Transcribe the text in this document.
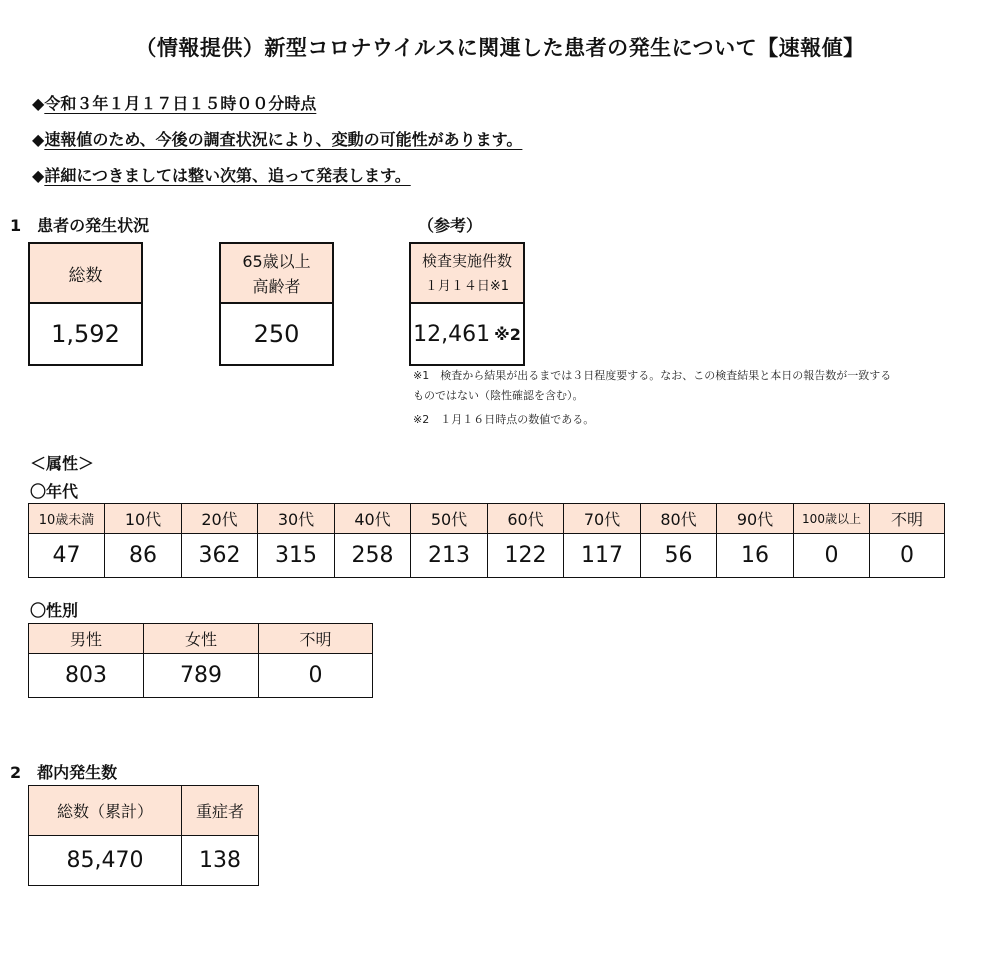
（情報提供）新型コロナウイルスに関連した患者の発生について【速報値】
◆令和３年１月１７日１５時００分時点
◆速報値のため、今後の調査状況により、変動の可能性があります。
◆詳細につきましては整い次第、追って発表します。
1　患者の発生状況	（参考）
総数
1,592
65歳以上
高齢者
250
検査実施件数
１月１４日※1
12,461 ※2
※1　検査から結果が出るまでは３日程度要する。なお、この検査結果と本日の報告数が一致する
ものではない（陰性確認を含む）。
※2　１月１６日時点の数値である。
＜属性＞
〇年代
10歳未満	10代	20代	30代	40代	50代	60代	70代	80代	90代	100歳以上	不明
47	86	362	315	258	213	122	117	56	16	0	0
〇性別
男性	女性	不明
803	789	0
2　都内発生数
総数（累計）	重症者
85,470	138
